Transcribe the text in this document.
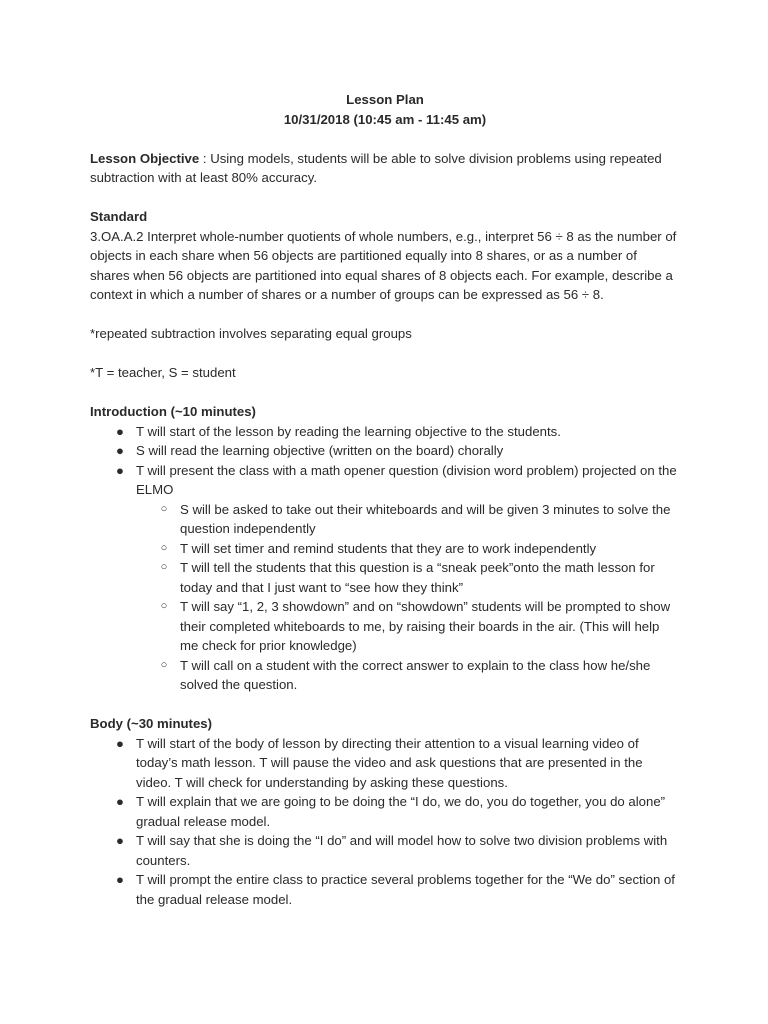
Lesson Plan

10/31/2018 (10:45 am - 11:45 am)

Lesson Objective : Using models, students will be able to solve division problems using repeated subtraction with at least 80% accuracy.

Standard

3.OA.A.2 Interpret whole-number quotients of whole numbers, e.g., interpret 56 ÷ 8 as the number of objects in each share when 56 objects are partitioned equally into 8 shares, or as a number of shares when 56 objects are partitioned into equal shares of 8 objects each. For example, describe a context in which a number of shares or a number of groups can be expressed as 56 ÷ 8.

*repeated subtraction involves separating equal groups

*T = teacher, S = student

Introduction (~10 minutes)

● T will start of the lesson by reading the learning objective to the students.
● S will read the learning objective (written on the board) chorally
● T will present the class with a math opener question (division word problem) projected on the ELMO
○ S will be asked to take out their whiteboards and will be given 3 minutes to solve the question independently
○ T will set timer and remind students that they are to work independently
○ T will tell the students that this question is a “sneak peek”onto the math lesson for today and that I just want to “see how they think”
○ T will say “1, 2, 3 showdown” and on “showdown” students will be prompted to show their completed whiteboards to me, by raising their boards in the air. (This will help me check for prior knowledge)
○ T will call on a student with the correct answer to explain to the class how he/she solved the question.

Body (~30 minutes)

● T will start of the body of lesson by directing their attention to a visual learning video of today’s math lesson. T will pause the video and ask questions that are presented in the video. T will check for understanding by asking these questions.
● T will explain that we are going to be doing the “I do, we do, you do together, you do alone” gradual release model.
● T will say that she is doing the “I do” and will model how to solve two division problems with counters.
● T will prompt the entire class to practice several problems together for the “We do” section of the gradual release model.
